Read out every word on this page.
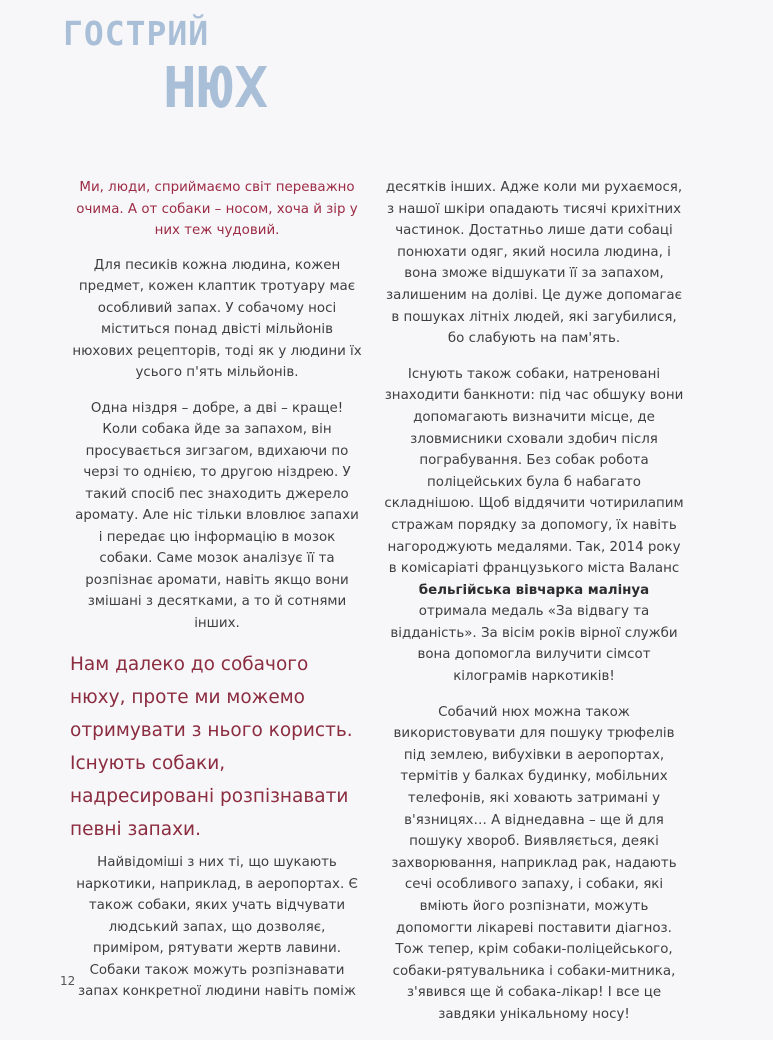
ГОСТРИЙ
НЮХ

Ми, люди, сприймаємо світ переважно очима. А от собаки – носом, хоча й зір у них теж чудовий.

Для песиків кожна людина, кожен предмет, кожен клаптик тротуару має особливий запах. У собачому носі міститься понад двісті мільйонів нюхових рецепторів, тоді як у людини їх усього п'ять мільйонів.

Одна ніздря – добре, а дві – краще! Коли собака йде за запахом, він просувається зигзагом, вдихаючи по черзі то однією, то другою ніздрею. У такий спосіб пес знаходить джерело аромату. Але ніс тільки вловлює запахи і передає цю інформацію в мозок собаки. Саме мозок аналізує її та розпізнає аромати, навіть якщо вони змішані з десятками, а то й сотнями інших.

Нам далеко до собачого нюху, проте ми можемо отримувати з нього користь. Існують собаки, надресировані розпізнавати певні запахи.

Найвідоміші з них ті, що шукають наркотики, наприклад, в аеропортах. Є також собаки, яких учать відчувати людський запах, що дозволяє, приміром, рятувати жертв лавини. Собаки також можуть розпізнавати запах конкретної людини навіть поміж

десятків інших. Адже коли ми рухаємося, з нашої шкіри опадають тисячі крихітних частинок. Достатньо лише дати собаці понюхати одяг, який носила людина, і вона зможе відшукати її за запахом, залишеним на доліві. Це дуже допомагає в пошуках літніх людей, які загубилися, бо слабують на пам'ять.

Існують також собаки, натреновані знаходити банкноти: під час обшуку вони допомагають визначити місце, де зловмисники сховали здобич після пограбування. Без собак робота поліцейських була б набагато складнішою. Щоб віддячити чотирилапим стражам порядку за допомогу, їх навіть нагороджують медалями. Так, 2014 року в комісаріаті французького міста Валанс бельгійська вівчарка малінуа отримала медаль «За відвагу та відданість». За вісім років вірної служби вона допомогла вилучити сімсот кілограмів наркотиків!

Собачий нюх можна також використовувати для пошуку трюфелів під землею, вибухівки в аеропортах, термітів у балках будинку, мобільних телефонів, які ховають затримані у в'язницях… А віднедавна – ще й для пошуку хвороб. Виявляється, деякі захворювання, наприклад рак, надають сечі особливого запаху, і собаки, які вміють його розпізнати, можуть допомогти лікареві поставити діагноз. Тож тепер, крім собаки-поліцейського, собаки-рятувальника і собаки-митника, з'явився ще й собака-лікар! І все це завдяки унікальному носу!

12
